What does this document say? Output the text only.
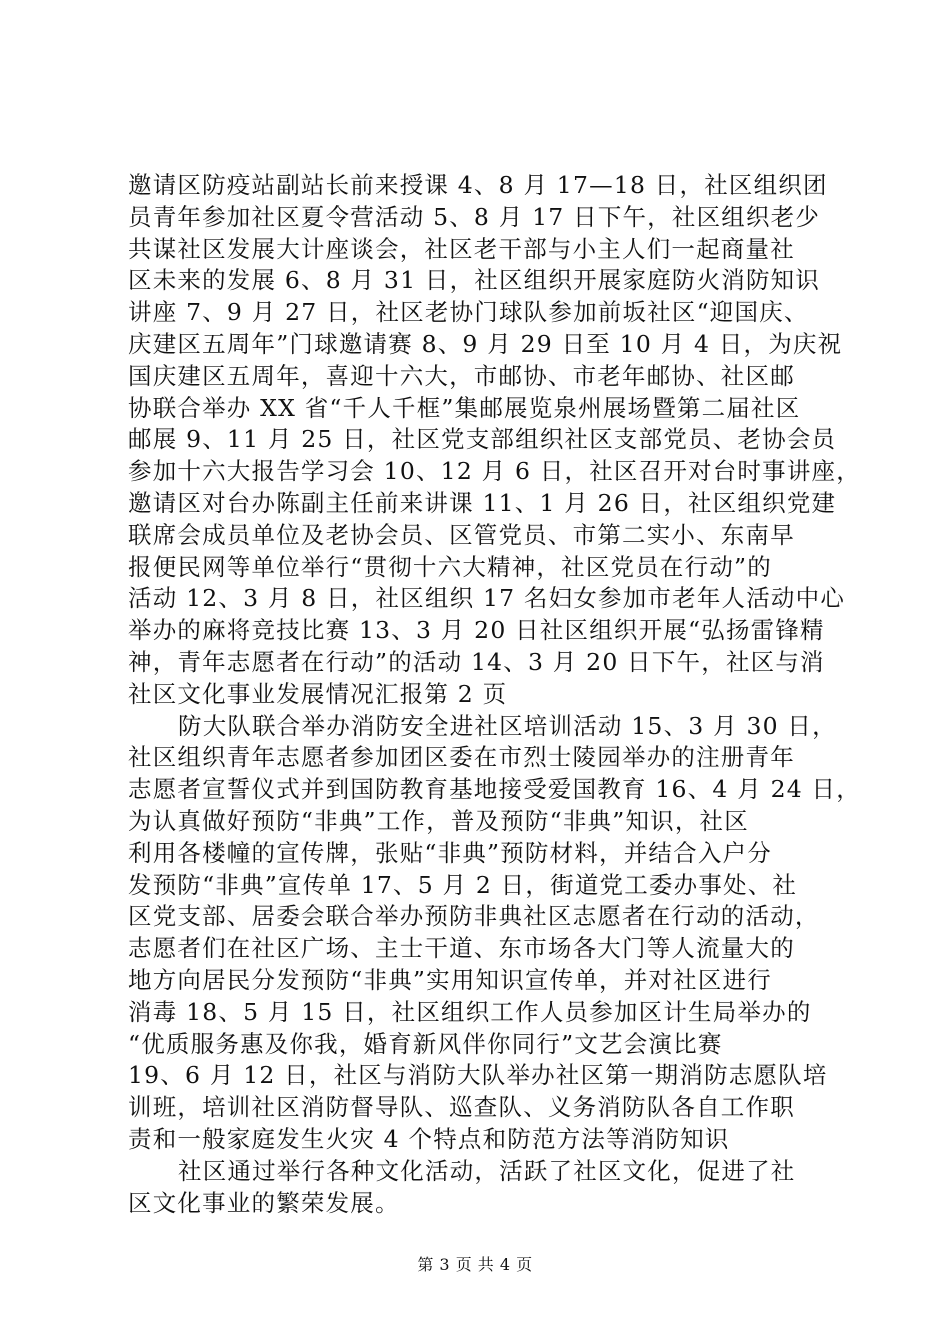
邀请区防疫站副站长前来授课 4、8 月 17—18 日，社区组织团
员青年参加社区夏令营活动 5、8 月 17 日下午，社区组织老少
共谋社区发展大计座谈会，社区老干部与小主人们一起商量社
区未来的发展 6、8 月 31 日，社区组织开展家庭防火消防知识
讲座 7、9 月 27 日，社区老协门球队参加前坂社区“迎国庆、
庆建区五周年”门球邀请赛 8、9 月 29 日至 10 月 4 日，为庆祝
国庆建区五周年，喜迎十六大，市邮协、市老年邮协、社区邮
协联合举办 XX 省“千人千框”集邮展览泉州展场暨第二届社区
邮展 9、11 月 25 日，社区党支部组织社区支部党员、老协会员
参加十六大报告学习会 10、12 月 6 日，社区召开对台时事讲座，
邀请区对台办陈副主任前来讲课 11、1 月 26 日，社区组织党建
联席会成员单位及老协会员、区管党员、市第二实小、东南早
报便民网等单位举行“贯彻十六大精神，社区党员在行动”的
活动 12、3 月 8 日，社区组织 17 名妇女参加市老年人活动中心
举办的麻将竞技比赛 13、3 月 20 日社区组织开展“弘扬雷锋精
神，青年志愿者在行动”的活动 14、3 月 20 日下午，社区与消
社区文化事业发展情况汇报第 2 页
防大队联合举办消防安全进社区培训活动 15、3 月 30 日，
社区组织青年志愿者参加团区委在市烈士陵园举办的注册青年
志愿者宣誓仪式并到国防教育基地接受爱国教育 16、4 月 24 日，
为认真做好预防“非典”工作，普及预防“非典”知识，社区
利用各楼幢的宣传牌，张贴“非典”预防材料，并结合入户分
发预防“非典”宣传单 17、5 月 2 日，街道党工委办事处、社
区党支部、居委会联合举办预防非典社区志愿者在行动的活动，
志愿者们在社区广场、主士干道、东市场各大门等人流量大的
地方向居民分发预防“非典”实用知识宣传单，并对社区进行
消毒 18、5 月 15 日，社区组织工作人员参加区计生局举办的
“优质服务惠及你我，婚育新风伴你同行”文艺会演比赛
19、6 月 12 日，社区与消防大队举办社区第一期消防志愿队培
训班，培训社区消防督导队、巡查队、义务消防队各自工作职
责和一般家庭发生火灾 4 个特点和防范方法等消防知识
社区通过举行各种文化活动，活跃了社区文化，促进了社
区文化事业的繁荣发展。
第 3 页 共 4 页
